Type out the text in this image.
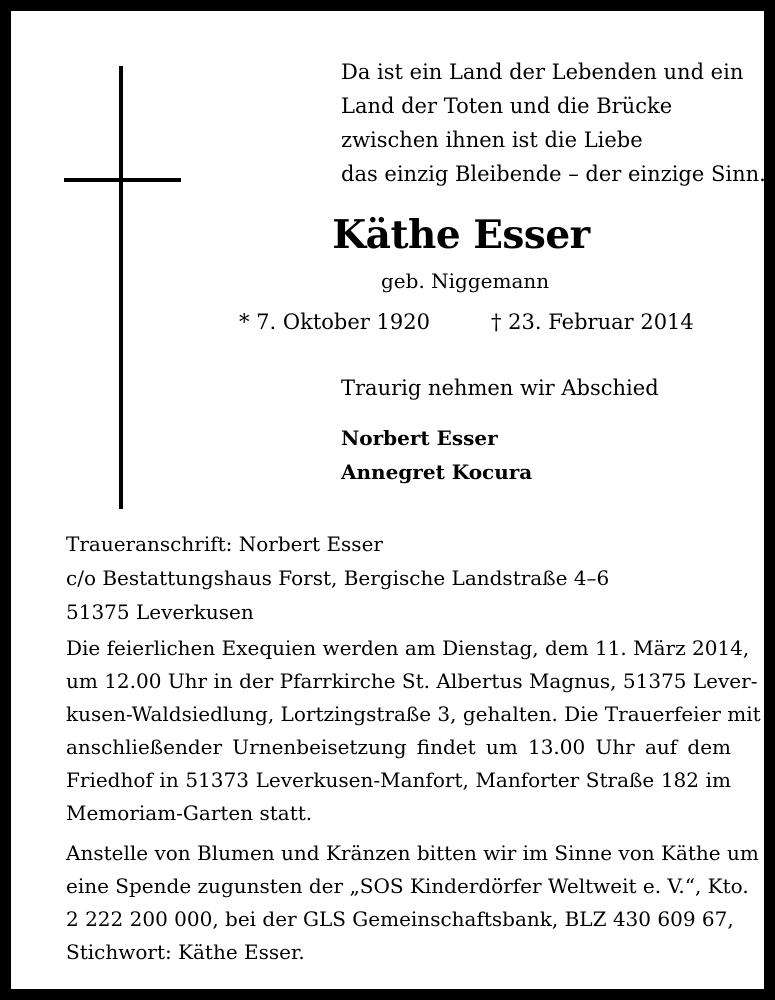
Da ist ein Land der Lebenden und ein
Land der Toten und die Brücke
zwischen ihnen ist die Liebe
das einzig Bleibende – der einzige Sinn.
Käthe Esser
geb. Niggemann
* 7. Oktober 1920	† 23. Februar 2014
Traurig nehmen wir Abschied
Norbert Esser
Annegret Kocura
Traueranschrift: Norbert Esser
c/o Bestattungshaus Forst, Bergische Landstraße 4–6
51375 Leverkusen
Die feierlichen Exequien werden am Dienstag, dem 11. März 2014,
um 12.00 Uhr in der Pfarrkirche St. Albertus Magnus, 51375 Lever-
kusen-Waldsiedlung, Lortzingstraße 3, gehalten. Die Trauerfeier mit
anschließender Urnenbeisetzung findet um 13.00 Uhr auf dem
Friedhof in 51373 Leverkusen-Manfort, Manforter Straße 182 im
Memoriam-Garten statt.
Anstelle von Blumen und Kränzen bitten wir im Sinne von Käthe um
eine Spende zugunsten der „SOS Kinderdörfer Weltweit e. V.“, Kto.
2 222 200 000, bei der GLS Gemeinschaftsbank, BLZ 430 609 67,
Stichwort: Käthe Esser.
